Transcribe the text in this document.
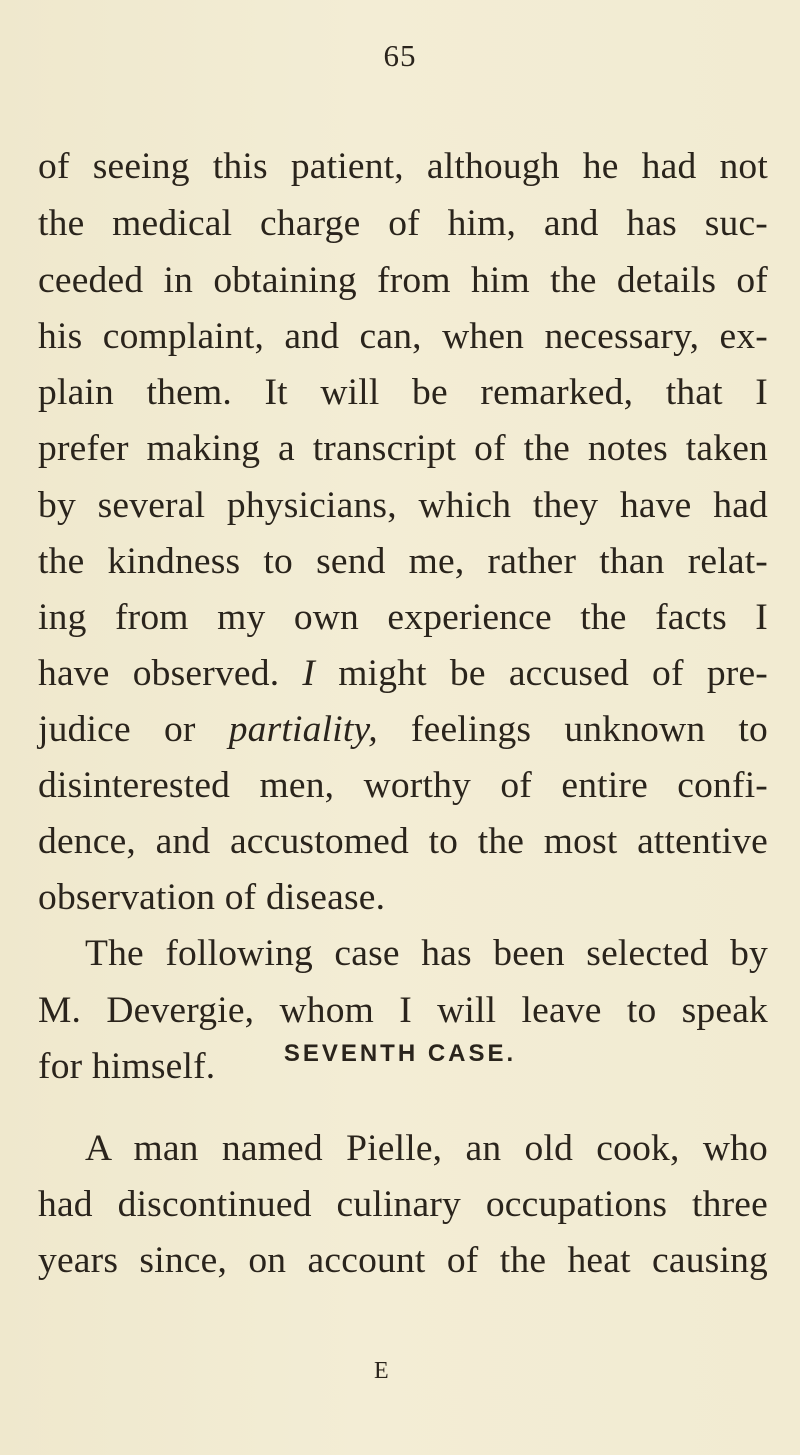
65
of seeing this patient, although he had not
the medical charge of him, and has suc-
ceeded in obtaining from him the details of
his complaint, and can, when necessary, ex-
plain them. It will be remarked, that I
prefer making a transcript of the notes taken
by several physicians, which they have had
the kindness to send me, rather than relat-
ing from my own experience the facts I
have observed. I might be accused of pre-
judice or partiality, feelings unknown to
disinterested men, worthy of entire confi-
dence, and accustomed to the most attentive
observation of disease.
The following case has been selected by
M. Devergie, whom I will leave to speak
for himself.	SEVENTH CASE.
A man named Pielle, an old cook, who
had discontinued culinary occupations three
years since, on account of the heat causing
E
